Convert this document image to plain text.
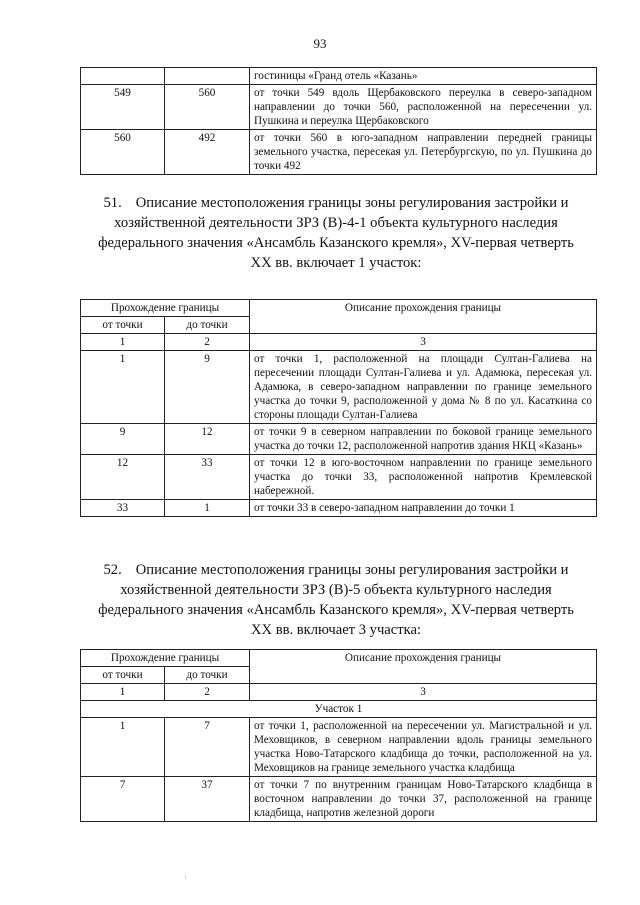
93
		гостиницы «Гранд отель «Казань»
549	560	от точки 549 вдоль Щербаковского переулка в северо-западном направлении до точки 560, расположенной на пересечении ул. Пушкина и переулка Щербаковского
560	492	от точки 560 в юго-западном направлении передней границы земельного участка, пересекая ул. Петербургскую, по ул. Пушкина до точки 492
51. Описание местоположения границы зоны регулирования застройки и хозяйственной деятельности ЗРЗ (В)-4-1 объекта культурного наследия федерального значения «Ансамбль Казанского кремля», XV-первая четверть XX вв. включает 1 участок:
Прохождение границы		Описание прохождения границы
от точки	до точки	
1	2	3
1	9	от точки 1, расположенной на площади Султан-Галиева на пересечении площади Султан-Галиева и ул. Адамюка, пересекая ул. Адамюка, в северо-западном направлении по границе земельного участка до точки 9, расположенной у дома № 8 по ул. Касаткина со стороны площади Султан-Галиева
9	12	от точки 9 в северном направлении по боковой границе земельного участка до точки 12, расположенной напротив здания НКЦ «Казань»
12	33	от точки 12 в юго-восточном направлении по границе земельного участка до точки 33, расположенной напротив Кремлевской набережной.
33	1	от точки 33 в северо-западном направлении до точки 1
52. Описание местоположения границы зоны регулирования застройки и хозяйственной деятельности ЗРЗ (В)-5 объекта культурного наследия федерального значения «Ансамбль Казанского кремля», XV-первая четверть XX вв. включает 3 участка:
Прохождение границы		Описание прохождения границы
от точки	до точки	
1	2	3
Участок 1		
1	7	от точки 1, расположенной на пересечении ул. Магистральной и ул. Меховщиков, в северном направлении вдоль границы земельного участка Ново-Татарского кладбища до точки, расположенной на ул. Меховщиков на границе земельного участка кладбища
7	37	от точки 7 по внутренним границам Ново-Татарского кладбища в восточном направлении до точки 37, расположенной на границе кладбища, напротив железной дороги
·
